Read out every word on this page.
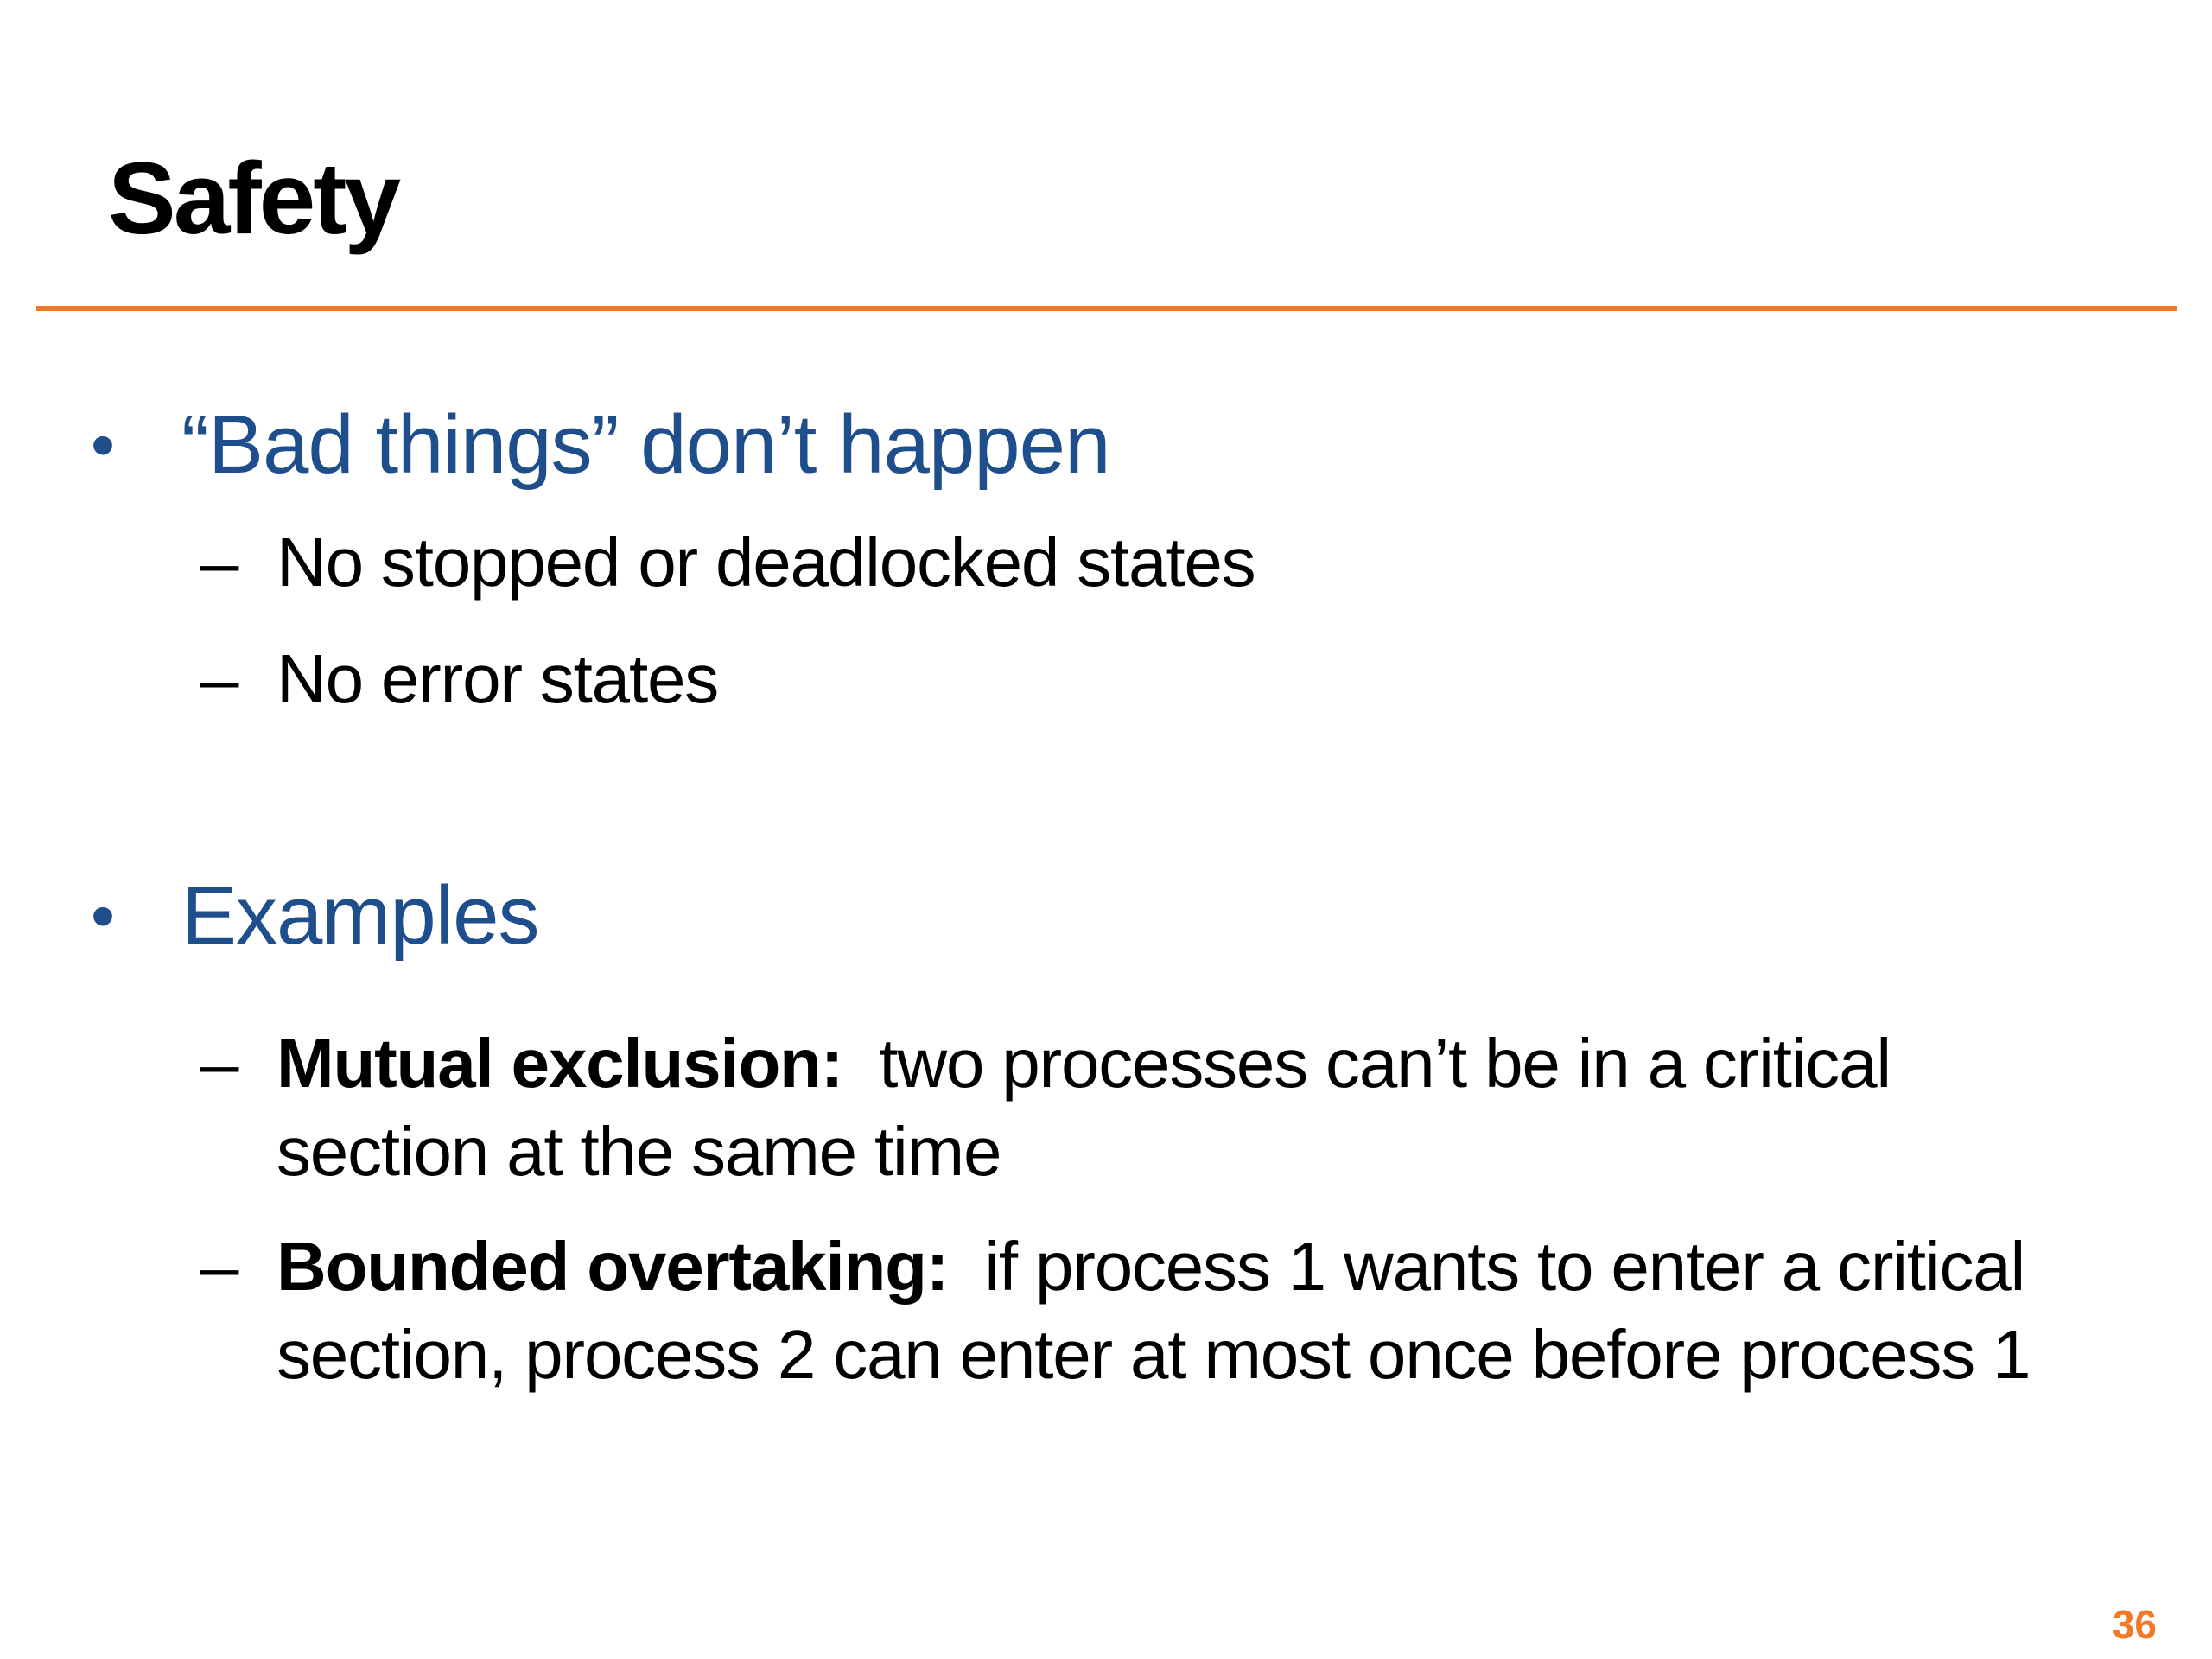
Safety
• “Bad things” don’t happen
– No stopped or deadlocked states
– No error states
• Examples
– Mutual exclusion: two processes can’t be in a critical
section at the same time
– Bounded overtaking: if process 1 wants to enter a critical
section, process 2 can enter at most once before process 1
36
